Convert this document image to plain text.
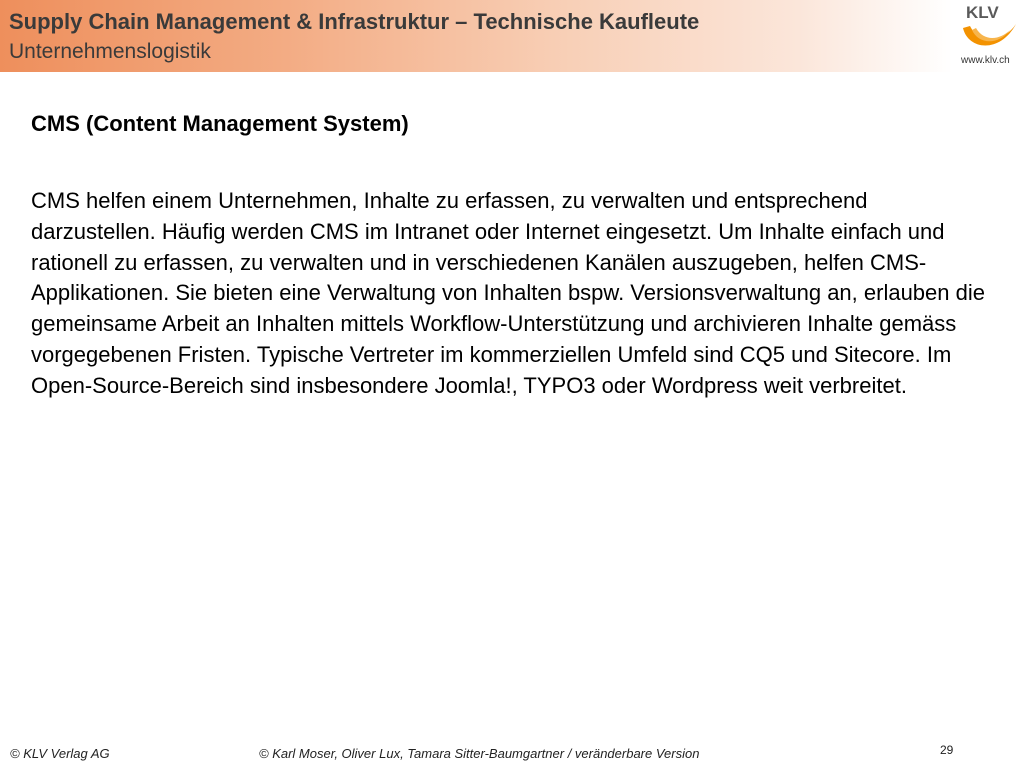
Supply Chain Management & Infrastruktur – Technische Kaufleute
Unternehmenslogistik
KLV
www.klv.ch
CMS (Content Management System)
CMS helfen einem Unternehmen, Inhalte zu erfassen, zu verwalten und entsprechend darzustellen. Häufig werden CMS im Intranet oder Internet eingesetzt. Um Inhalte einfach und rationell zu erfassen, zu verwalten und in verschiedenen Kanälen auszugeben, helfen CMS-Applikationen. Sie bieten eine Verwaltung von Inhalten bspw. Versionsverwaltung an, erlauben die gemeinsame Arbeit an Inhalten mittels Workflow-Unterstützung und archivieren Inhalte gemäss vorgegebenen Fristen. Typische Vertreter im kommerziellen Umfeld sind CQ5 und Sitecore. Im Open-Source-Bereich sind insbesondere Joomla!, TYPO3 oder Wordpress weit verbreitet.
© KLV Verlag AG	© Karl Moser, Oliver Lux, Tamara Sitter-Baumgartner / veränderbare Version	29
